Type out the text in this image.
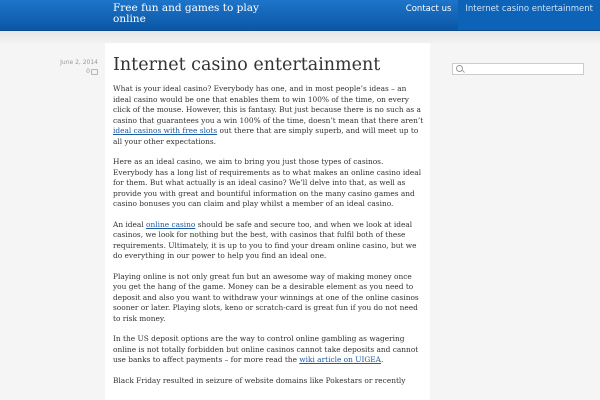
Free fun and games to play online
Contact us	Internet casino entertainment
June 2, 2014
0	Internet casino entertainment

What is your ideal casino? Everybody has one, and in most people’s ideas – an ideal casino would be one that enables them to win 100% of the time, on every click of the mouse. However, this is fantasy. But just because there is no such as a casino that guarantees you a win 100% of the time, doesn’t mean that there aren’t ideal casinos with free slots out there that are simply superb, and will meet up to all your other expectations.

Here as an ideal casino, we aim to bring you just those types of casinos. Everybody has a long list of requirements as to what makes an online casino ideal for them. But what actually is an ideal casino? We’ll delve into that, as well as provide you with great and bountiful information on the many casino games and casino bonuses you can claim and play whilst a member of an ideal casino.

An ideal online casino should be safe and secure too, and when we look at ideal casinos, we look for nothing but the best, with casinos that fulfil both of these requirements. Ultimately, it is up to you to find your dream online casino, but we do everything in our power to help you find an ideal one.

Playing online is not only great fun but an awesome way of making money once you get the hang of the game. Money can be a desirable element as you need to deposit and also you want to withdraw your winnings at one of the online casinos sooner or later. Playing slots, keno or scratch-card is great fun if you do not need to risk money.

In the US deposit options are the way to control online gambling as wagering online is not totally forbidden but online casinos cannot take deposits and cannot use banks to affect payments – for more read the wiki article on UIGEA.

Black Friday resulted in seizure of website domains like Pokestars or recently
